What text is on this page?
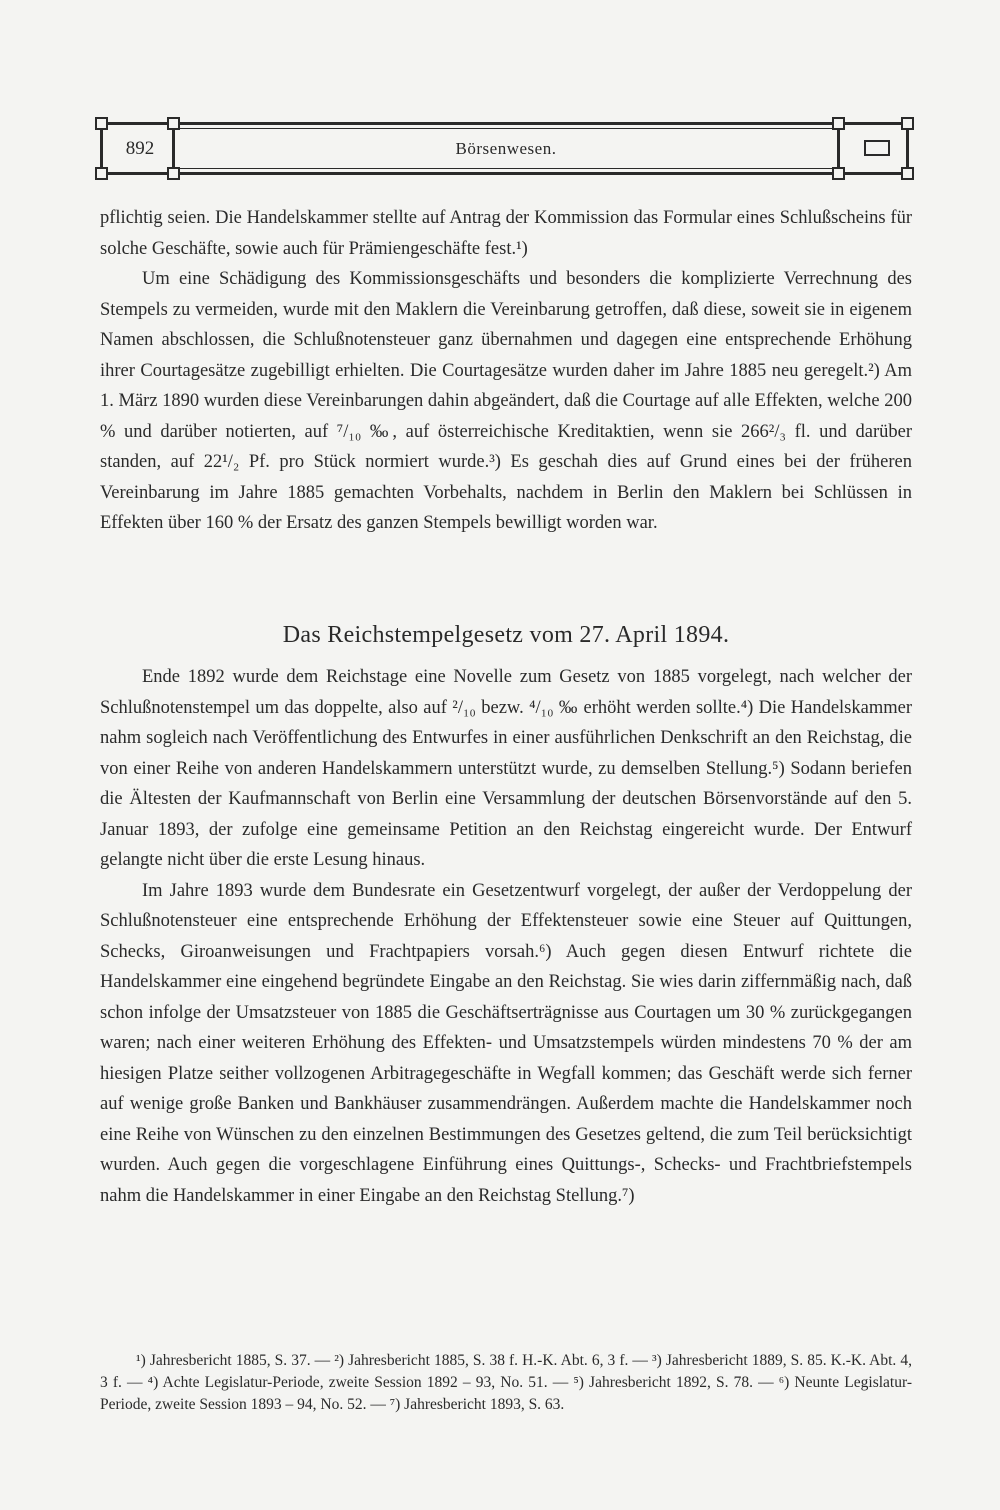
892	Börsenwesen.

pflichtig seien. Die Handelskammer stellte auf Antrag der Kommission das Formular eines Schlußscheins für solche Geschäfte, sowie auch für Prämiengeschäfte fest.¹)

Um eine Schädigung des Kommissionsgeschäfts und besonders die komplizierte Verrechnung des Stempels zu vermeiden, wurde mit den Maklern die Vereinbarung getroffen, daß diese, soweit sie in eigenem Namen abschlossen, die Schlußnotensteuer ganz übernahmen und dagegen eine entsprechende Erhöhung ihrer Courtagesätze zugebilligt erhielten. Die Courtagesätze wurden daher im Jahre 1885 neu geregelt.²) Am 1. März 1890 wurden diese Vereinbarungen dahin abgeändert, daß die Courtage auf alle Effekten, welche 200 % und darüber notierten, auf ⁷/₁₀ ‰, auf österreichische Kreditaktien, wenn sie 266²/₃ fl. und darüber standen, auf 22¹/₂ Pf. pro Stück normiert wurde.³) Es geschah dies auf Grund eines bei der früheren Vereinbarung im Jahre 1885 gemachten Vorbehalts, nachdem in Berlin den Maklern bei Schlüssen in Effekten über 160 % der Ersatz des ganzen Stempels bewilligt worden war.

Das Reichstempelgesetz vom 27. April 1894.

Ende 1892 wurde dem Reichstage eine Novelle zum Gesetz von 1885 vorgelegt, nach welcher der Schlußnotenstempel um das doppelte, also auf ²/₁₀ bezw. ⁴/₁₀ ‰ erhöht werden sollte.⁴) Die Handelskammer nahm sogleich nach Veröffentlichung des Entwurfes in einer ausführlichen Denkschrift an den Reichstag, die von einer Reihe von anderen Handelskammern unterstützt wurde, zu demselben Stellung.⁵) Sodann beriefen die Ältesten der Kaufmannschaft von Berlin eine Versammlung der deutschen Börsenvorstände auf den 5. Januar 1893, der zufolge eine gemeinsame Petition an den Reichstag eingereicht wurde. Der Entwurf gelangte nicht über die erste Lesung hinaus.

Im Jahre 1893 wurde dem Bundesrate ein Gesetzentwurf vorgelegt, der außer der Verdoppelung der Schlußnotensteuer eine entsprechende Erhöhung der Effektensteuer sowie eine Steuer auf Quittungen, Schecks, Giroanweisungen und Frachtpapiers vorsah.⁶) Auch gegen diesen Entwurf richtete die Handelskammer eine eingehend begründete Eingabe an den Reichstag. Sie wies darin ziffernmäßig nach, daß schon infolge der Umsatzsteuer von 1885 die Geschäftserträgnisse aus Courtagen um 30 % zurückgegangen waren; nach einer weiteren Erhöhung des Effekten- und Umsatzstempels würden mindestens 70 % der am hiesigen Platze seither vollzogenen Arbitragegeschäfte in Wegfall kommen; das Geschäft werde sich ferner auf wenige große Banken und Bankhäuser zusammendrängen. Außerdem machte die Handelskammer noch eine Reihe von Wünschen zu den einzelnen Bestimmungen des Gesetzes geltend, die zum Teil berücksichtigt wurden. Auch gegen die vorgeschlagene Einführung eines Quittungs-, Schecks- und Frachtbriefstempels nahm die Handelskammer in einer Eingabe an den Reichstag Stellung.⁷)

¹) Jahresbericht 1885, S. 37. — ²) Jahresbericht 1885, S. 38 f. H.-K. Abt. 6, 3 f. — ³) Jahresbericht 1889, S. 85. K.-K. Abt. 4, 3 f. — ⁴) Achte Legislatur-Periode, zweite Session 1892 – 93, No. 51. — ⁵) Jahresbericht 1892, S. 78. — ⁶) Neunte Legislatur-Periode, zweite Session 1893 – 94, No. 52. — ⁷) Jahresbericht 1893, S. 63.
